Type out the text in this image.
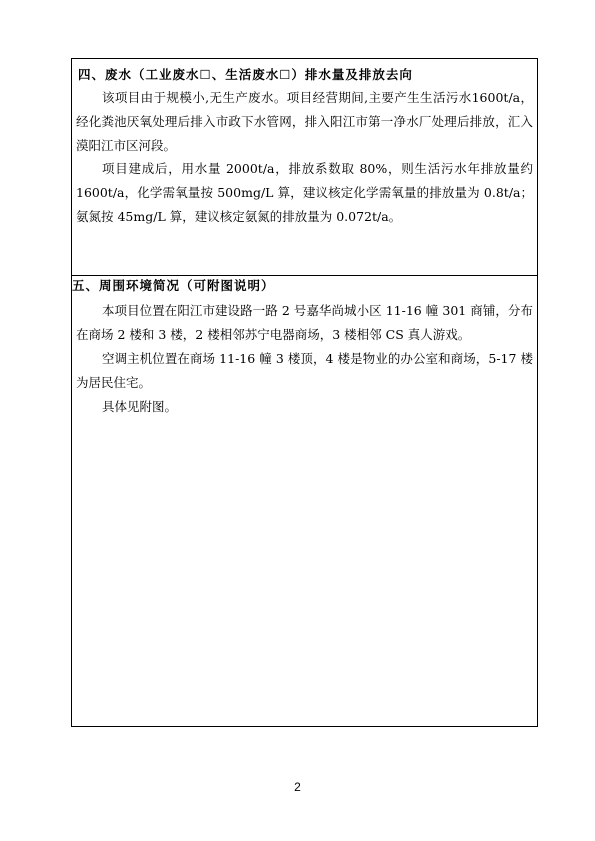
四、废水（工业废水☐、生活废水☐）排水量及排放去向

该项目由于规模小,无生产废水。项目经营期间,主要产生生活污水1600t/a，经化粪池厌氧处理后排入市政下水管网，排入阳江市第一净水厂处理后排放，汇入漠阳江市区河段。

项目建成后，用水量 2000t/a，排放系数取 80%，则生活污水年排放量约 1600t/a，化学需氧量按 500mg/L 算，建议核定化学需氧量的排放量为 0.8t/a；氨氮按 45mg/L 算，建议核定氨氮的排放量为 0.072t/a。

五、周围环境简况（可附图说明）

本项目位置在阳江市建设路一路 2 号嘉华尚城小区 11-16 幢 301 商铺，分布在商场 2 楼和 3 楼，2 楼相邻苏宁电器商场，3 楼相邻 CS 真人游戏。

空调主机位置在商场 11-16 幢 3 楼顶，4 楼是物业的办公室和商场，5-17 楼为居民住宅。

具体见附图。

2
